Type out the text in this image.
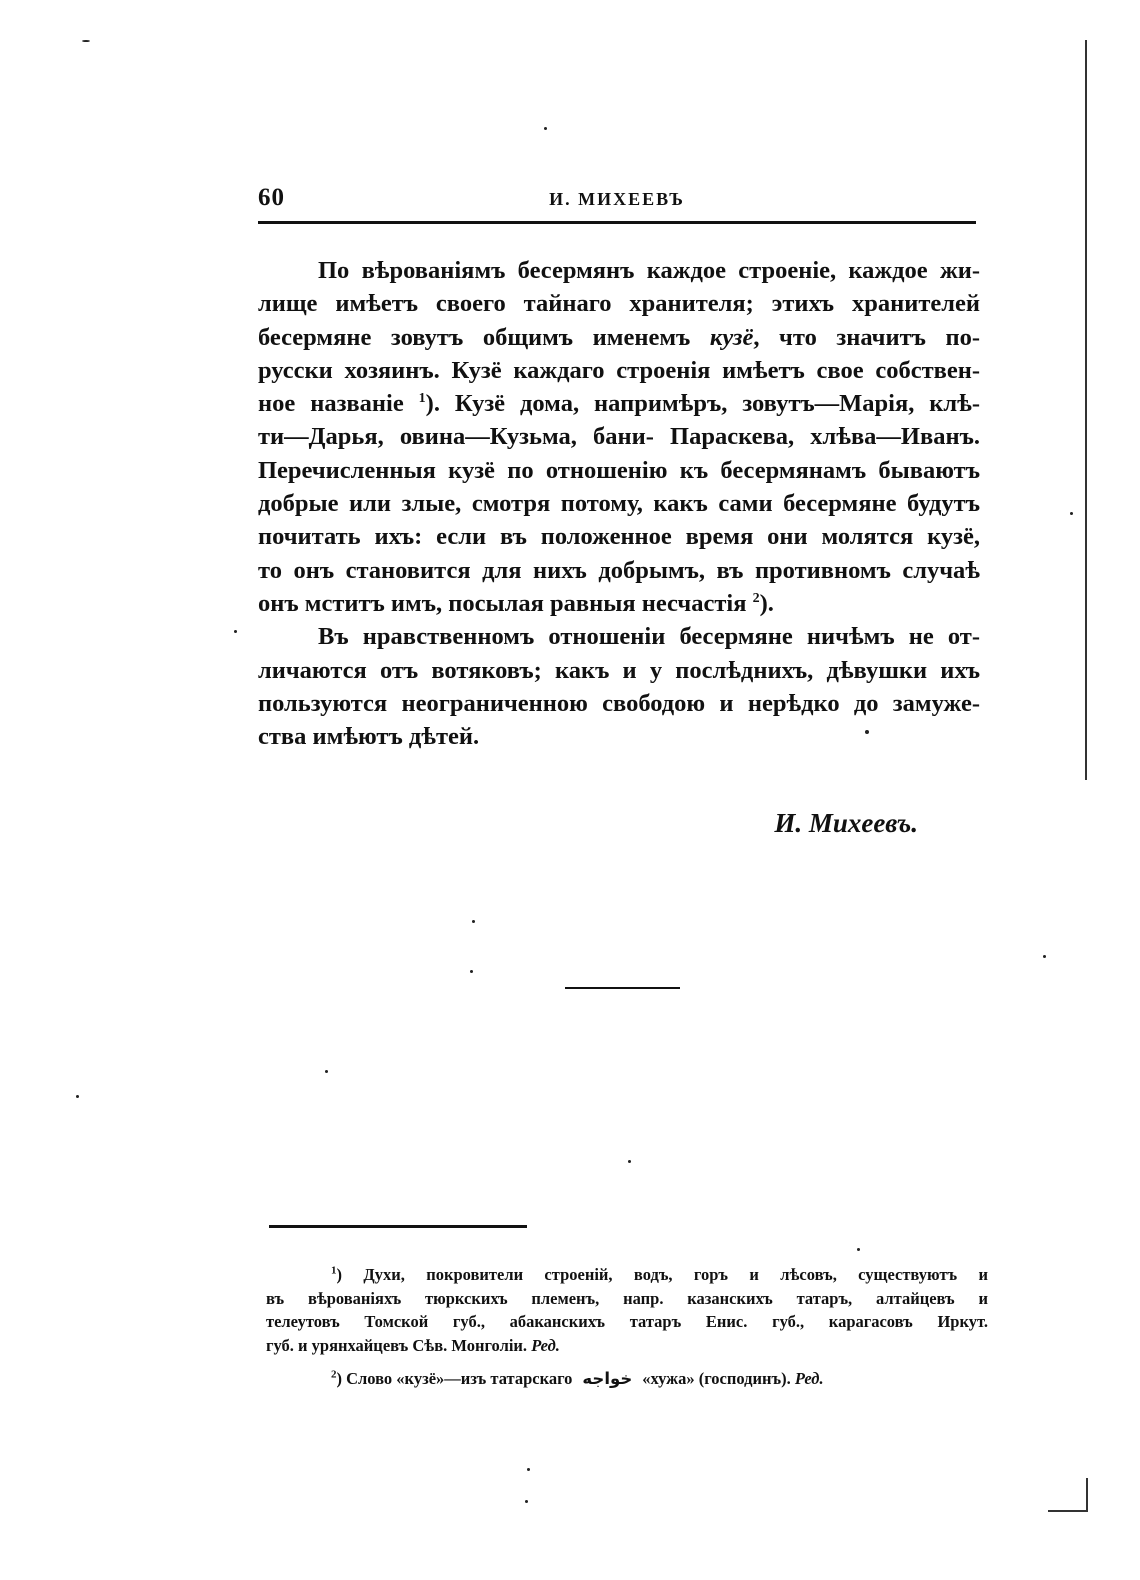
60	И. МИХЕЕВЪ
По вѣрованіямъ бесермянъ каждое строеніе, каждое жи-
лище имѣетъ своего тайнаго хранителя; этихъ хранителей
бесермяне зовутъ общимъ именемъ кузё, что значитъ по-
русски хозяинъ. Кузё каждаго строенія имѣетъ свое собствен-
ное названіе $^1$). Кузё дома, напримѣръ, зовутъ—Марія, клѣ-
ти—Дарья, овина—Кузьма, бани- Параскева, хлѣва—Иванъ.
Перечисленныя кузё по отношенію къ бесермянамъ бываютъ
добрые или злые, смотря потому, какъ сами бесермяне будутъ
почитать ихъ: если въ положенное время они молятся кузё,
то онъ становится для нихъ добрымъ, въ противномъ случаѣ
онъ мститъ имъ, посылая равныя несчастія $^2$).
Въ нравственномъ отношеніи бесермяне ничѣмъ не от-
личаются отъ вотяковъ; какъ и у послѣднихъ, дѣвушки ихъ
пользуются неограниченною свободою и нерѣдко до замуже-
ства имѣютъ дѣтей.
И. Михеевъ.
$^1$) Духи, покровители строеній, водъ, горъ и лѣсовъ, существуютъ и
въ вѣрованіяхъ тюркскихъ племенъ, напр. казанскихъ татаръ, алтайцевъ и
телеутовъ Томской губ., абаканскихъ татаръ Енис. губ., карагасовъ Иркут.
губ. и урянхайцевъ Сѣв. Монголіи. Ред.
$^2$) Слово «кузё»—изъ татарскаго خواجه «хужа» (господинъ). Ред.
